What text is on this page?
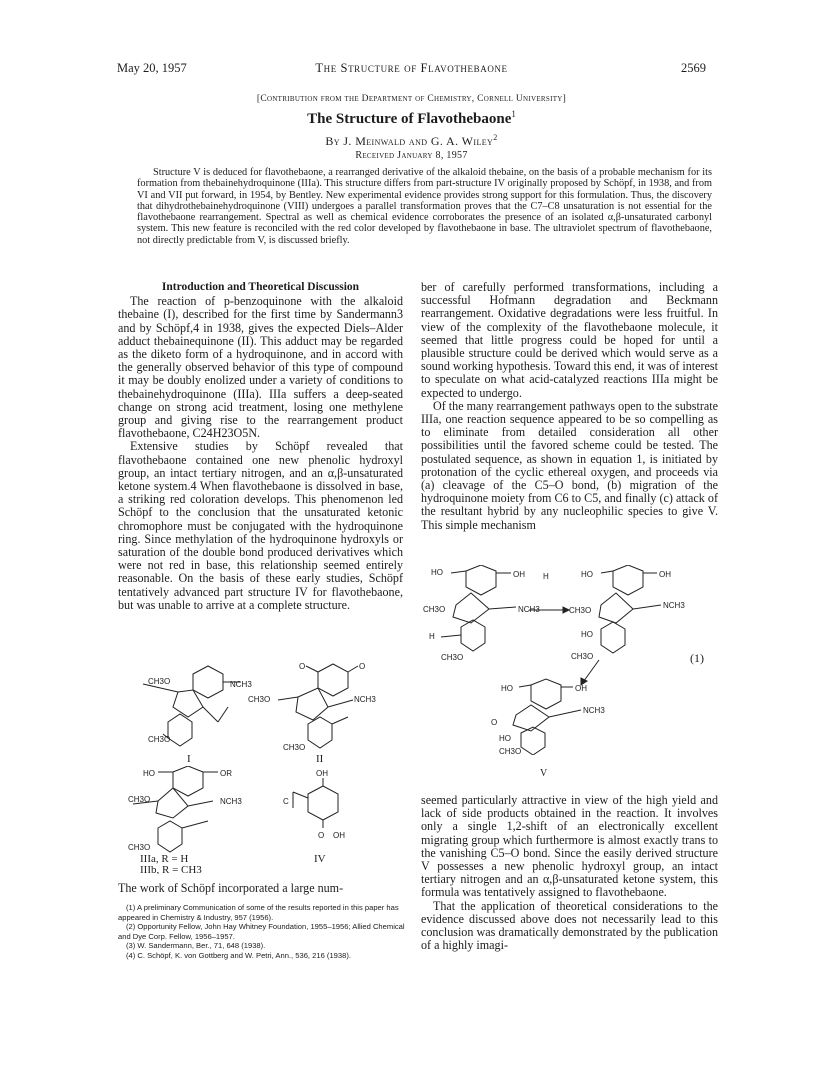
May 20, 1957	The Structure of Flavothebaone	2569
[Contribution from the Department of Chemistry, Cornell University]
The Structure of Flavothebaone$^1$
By J. Meinwald and G. A. Wiley$^2$
Received January 8, 1957
Structure V is deduced for flavothebaone, a rearranged derivative of the alkaloid thebaine, on the basis of a probable mechanism for its formation from thebainehydroquinone (IIIa). This structure differs from part-structure IV originally proposed by Schöpf, in 1938, and from VI and VII put forward, in 1954, by Bentley. New experimental evidence provides strong support for this formulation. Thus, the discovery that dihydrothebainehydroquinone (VIII) undergoes a parallel transformation proves that the C7–C8 unsaturation is not essential for the flavothebaone rearrangement. Spectral as well as chemical evidence corroborates the presence of an isolated α,β-unsaturated carbonyl system. This new feature is reconciled with the red color developed by flavothebaone in base. The ultraviolet spectrum of flavothebaone, not directly predictable from V, is discussed briefly.
Introduction and Theoretical Discussion
The reaction of p-benzoquinone with the alkaloid thebaine (I), described for the first time by Sandermann3 and by Schöpf,4 in 1938, gives the expected Diels–Alder adduct thebainequinone (II). This adduct may be regarded as the diketo form of a hydroquinone, and in accord with the generally observed behavior of this type of compound it may be doubly enolized under a variety of conditions to thebainehydroquinone (IIIa). IIIa suffers a deep-seated change on strong acid treatment, losing one methylene group and giving rise to the rearrangement product flavothebaone, C24H23O5N.
Extensive studies by Schöpf revealed that flavothebaone contained one new phenolic hydroxyl group, an intact tertiary nitrogen, and an α,β-unsaturated ketone system.4 When flavothebaone is dissolved in base, a striking red coloration develops. This phenomenon led Schöpf to the conclusion that the unsaturated ketonic chromophore must be conjugated with the hydroquinone ring. Since methylation of the hydroquinone hydroxyls or saturation of the double bond produced derivatives which were not red in base, this relationship seemed entirely reasonable. On the basis of these early studies, Schöpf tentatively advanced part structure IV for flavothebaone, but was unable to arrive at a complete structure.
CH3O	NCH3
CH3O
I
O	O
CH3O	NCH3
CH3O
II
HO	OR
CH3O	NCH3
CH3O
IIIa, R = H
IIIb, R = CH3
OH
C
O OH
IV
The work of Schöpf incorporated a large num-
(1) A preliminary Communication of some of the results reported in this paper has appeared in Chemistry & Industry, 957 (1956).
(2) Opportunity Fellow, John Hay Whitney Foundation, 1955–1956; Allied Chemical and Dye Corp. Fellow, 1956–1957.
(3) W. Sandermann, Ber., 71, 648 (1938).
(4) C. Schöpf, K. von Gottberg and W. Petri, Ann., 536, 216 (1938).
ber of carefully performed transformations, including a successful Hofmann degradation and Beckmann rearrangement. Oxidative degradations were less fruitful. In view of the complexity of the flavothebaone molecule, it seemed that little progress could be hoped for until a plausible structure could be derived which would serve as a sound working hypothesis. Toward this end, it was of interest to speculate on what acid-catalyzed reactions IIIa might be expected to undergo.
Of the many rearrangement pathways open to the substrate IIIa, one reaction sequence appeared to be so compelling as to eliminate from detailed consideration all other possibilities until the favored scheme could be tested. The postulated sequence, as shown in equation 1, is initiated by protonation of the cyclic ethereal oxygen, and proceeds via (a) cleavage of the C5–O bond, (b) migration of the hydroquinone moiety from C6 to C5, and finally (c) attack of the resultant hybrid by any nucleophilic species to give V. This simple mechanism
HO	OH
CH3O	NCH3
H
CH3O
H	HO	OH
CH3O
NCH3
HO
CH3O
HO	OH
O
NCH3
HO
CH3O
(1)
V
seemed particularly attractive in view of the high yield and lack of side products obtained in the reaction. It involves only a single 1,2-shift of an electronically excellent migrating group which furthermore is almost exactly trans to the vanishing C5–O bond. Since the easily derived structure V possesses a new phenolic hydroxyl group, an intact tertiary nitrogen and an α,β-unsaturated ketone system, this formula was tentatively assigned to flavothebaone.
That the application of theoretical considerations to the evidence discussed above does not necessarily lead to this conclusion was dramatically demonstrated by the publication of a highly imagi-
